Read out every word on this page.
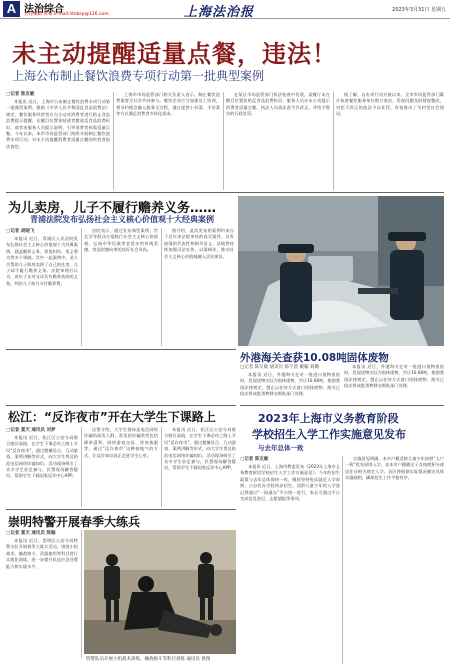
A 法治综合
责任编辑 黄骞 E-mail:ldnbsp@126.com	上海法治报	2023年3月31日 星期五
未主动提醒适量点餐，违法！
上海公布制止餐饮浪费专项行动第一批典型案例
□记者 陈友敏

本报讯 近日，上海市公布制止餐饮浪费专项行动第一批典型案例。根据《中华人民共和国反食品浪费法》规定，餐饮服务经营者应当主动对消费者进行防止食品浪费提示提醒，在醒目位置张贴或者摆放反食品浪费标识，或者由服务人员提示说明，引导消费者按需适量点餐。今年以来，本市市场监管部门持续开展制止餐饮浪费专项行动，对未主动提醒消费者适量点餐的经营者依法查处。

上海市市场监管部门相关负责人表示，制止餐饮浪费需要全社会共同参与。餐饮企业应当加强员工培训，将节约理念融入服务全过程，通过提供小份菜、半份菜等方式满足消费者多样化需求。

在某区市场监管部门执法检查中发现，某餐厅未在醒目位置张贴反食品浪费标识，服务人员亦未主动提示消费者适量点餐。执法人员依法责令其改正，并给予警告的行政处罚。

据了解，自专项行动开展以来，全市市场监管部门累计检查餐饮服务单位数万家次，发现问题及时督促整改，对拒不改正的依法予以处罚，有效推动了节约型社会建设。

为儿卖房，儿子不履行赡养义务……
青浦法院发布弘扬社会主义核心价值观十大经典案例
□记者 胡晓飞

本报讯 近日，青浦区人民法院发布弘扬社会主义核心价值观十大经典案例，涵盖赡养义务、邻里纠纷、见义勇为等多个领域。其中一起案例中，老人为帮助儿子购房卖掉了自己的住房，儿子却不履行赡养义务。法院审理后认为，成年子女对父母负有赡养扶助的义务，判决儿子按月支付赡养费。

法院表示，通过发布典型案例，旨在引导群众自觉践行社会主义核心价值观，弘扬中华民族孝老爱亲的传统美德，营造崇德向善的良好社会风尚。

据介绍，此次发布的案例均来自于近年来法院审结的真实案件，具有较强的代表性和指导意义。法院将持续加强司法宣传，以案释法，推动社会主义核心价值观融入法治建设。

外港海关查获10.08吨固体废物
□记者 陈友敏 通讯员 陈宇晨 戴翰 刘璐

本报讯 近日，外港海关在对一批进口货物查验时，发现货物实际为固体废物，共计10.08吨。根据我国法律规定，禁止以任何方式进口固体废物。海关已依法将该批货物移交缉私部门处理。

本报讯 近日，外港海关在对一批进口货物查验时，发现货物实际为固体废物，共计10.08吨。根据我国法律规定，禁止以任何方式进口固体废物。海关已依法将该批货物移交缉私部门处理。

松江：“反诈夜市”开在大学生下课路上
□记者 夏天 通讯员 刘梦

本报讯 近日，松江区公安分局联合辖区高校，在学生下课必经之路上开设“反诈夜市”，通过摆摊设点、互动游戏、案例讲解等形式，向大学生普及防范电信网络诈骗知识。活动现场吸引了众多学生驻足参与，民警现场解答疑问，帮助学生下载国家反诈中心APP。

民警介绍，大学生群体是电信网络诈骗的高发人群，常见的诈骗类型包括刷单返利、网络游戏交易、冒充客服等。通过“反诈夜市”这种接地气的方式，让反诈知识真正走进学生心里。

本报讯 近日，松江区公安分局联合辖区高校，在学生下课必经之路上开设“反诈夜市”，通过摆摊设点、互动游戏、案例讲解等形式，向大学生普及防范电信网络诈骗知识。活动现场吸引了众多学生驻足参与，民警现场解答疑问，帮助学生下载国家反诈中心APP。

2023年上海市义务教育阶段
学校招生入学工作实施意见发布
与去年总体一致
□记者 陈友敏

本报讯 近日，上海市教委发布《2023年上海市义务教育阶段学校招生入学工作实施意见》。今年的招生政策与去年总体保持一致，继续坚持免试就近入学原则，公办民办学校同步招生。适龄儿童少年的入学登记将通过“一网通办”平台统一进行，家长可通过平台完成信息登记、志愿填报等事项。

实施意见明确，本市户籍适龄儿童少年按照“人户一致”优先原则入学，非本市户籍随迁子女按照积分或居住证相关规定入学。各区将根据实际情况制定具体实施细则，确保招生工作平稳有序。

崇明特警开展春季大练兵
□记者 夏天 通讯员 陈翰

本报讯 近日，崇明区公安分局特警支队开展春季大练兵活动，围绕小组战术、擒敌格斗、武器使用等科目进行实战化训练，进一步提升队伍应急处置能力和实战水平。

特警队员开展小组战术训练、擒敌格斗等科目训练 通讯员 供图
